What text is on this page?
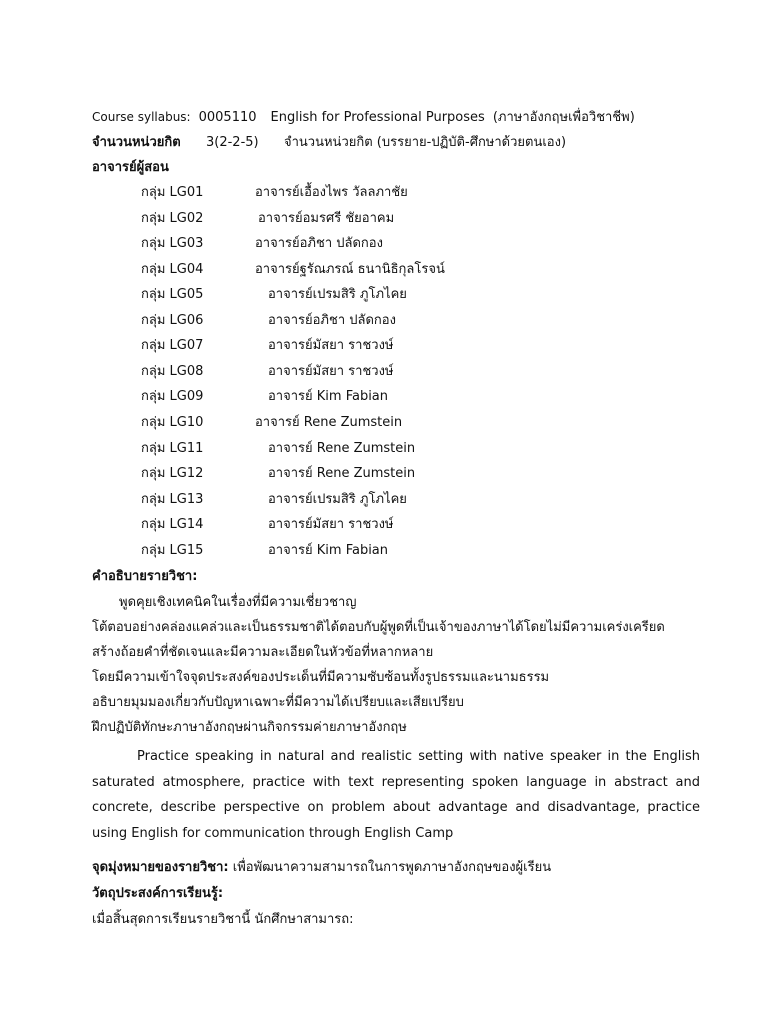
Course syllabus: 0005110 English for Professional Purposes (ภาษาอังกฤษเพื่อวิชาชีพ)
จำนวนหน่วยกิต 3(2-2-5) จำนวนหน่วยกิต (บรรยาย-ปฏิบัติ-ศึกษาด้วยตนเอง)
อาจารย์ผู้สอน
กลุ่ม LG01	อาจารย์เอื้องไพร วัลลภาชัย
กลุ่ม LG02	อาจารย์อมรศรี ชัยอาคม
กลุ่ม LG03	อาจารย์อภิชา ปลัดกอง
กลุ่ม LG04	อาจารย์ฐรัณภรณ์ ธนานิธิกุลโรจน์
กลุ่ม LG05	อาจารย์เปรมสิริ ภูโภไคย
กลุ่ม LG06	อาจารย์อภิชา ปลัดกอง
กลุ่ม LG07	อาจารย์มัสยา ราชวงษ์
กลุ่ม LG08	อาจารย์มัสยา ราชวงษ์
กลุ่ม LG09	อาจารย์ Kim Fabian
กลุ่ม LG10	อาจารย์ Rene Zumstein
กลุ่ม LG11	อาจารย์ Rene Zumstein
กลุ่ม LG12	อาจารย์ Rene Zumstein
กลุ่ม LG13	อาจารย์เปรมสิริ ภูโภไคย
กลุ่ม LG14	อาจารย์มัสยา ราชวงษ์
กลุ่ม LG15	อาจารย์ Kim Fabian
คำอธิบายรายวิชา:
พูดคุยเชิงเทคนิคในเรื่องที่มีความเชี่ยวชาญ
โต้ตอบอย่างคล่องแคล่วและเป็นธรรมชาติได้ตอบกับผู้พูดที่เป็นเจ้าของภาษาได้โดยไม่มีความเคร่งเครียด
สร้างถ้อยคำที่ชัดเจนและมีความละเอียดในหัวข้อที่หลากหลาย
โดยมีความเข้าใจจุดประสงค์ของประเด็นที่มีความซับซ้อนทั้งรูปธรรมและนามธรรม
อธิบายมุมมองเกี่ยวกับปัญหาเฉพาะที่มีความได้เปรียบและเสียเปรียบ
ฝึกปฏิบัติทักษะภาษาอังกฤษผ่านกิจกรรมค่ายภาษาอังกฤษ
Practice speaking in natural and realistic setting with native speaker in the English saturated atmosphere, practice with text representing spoken language in abstract and concrete, describe perspective on problem about advantage and disadvantage, practice using English for communication through English Camp
จุดมุ่งหมายของรายวิชา: เพื่อพัฒนาความสามารถในการพูดภาษาอังกฤษของผู้เรียน
วัตถุประสงค์การเรียนรู้:
เมื่อสิ้นสุดการเรียนรายวิชานี้ นักศึกษาสามารถ:
